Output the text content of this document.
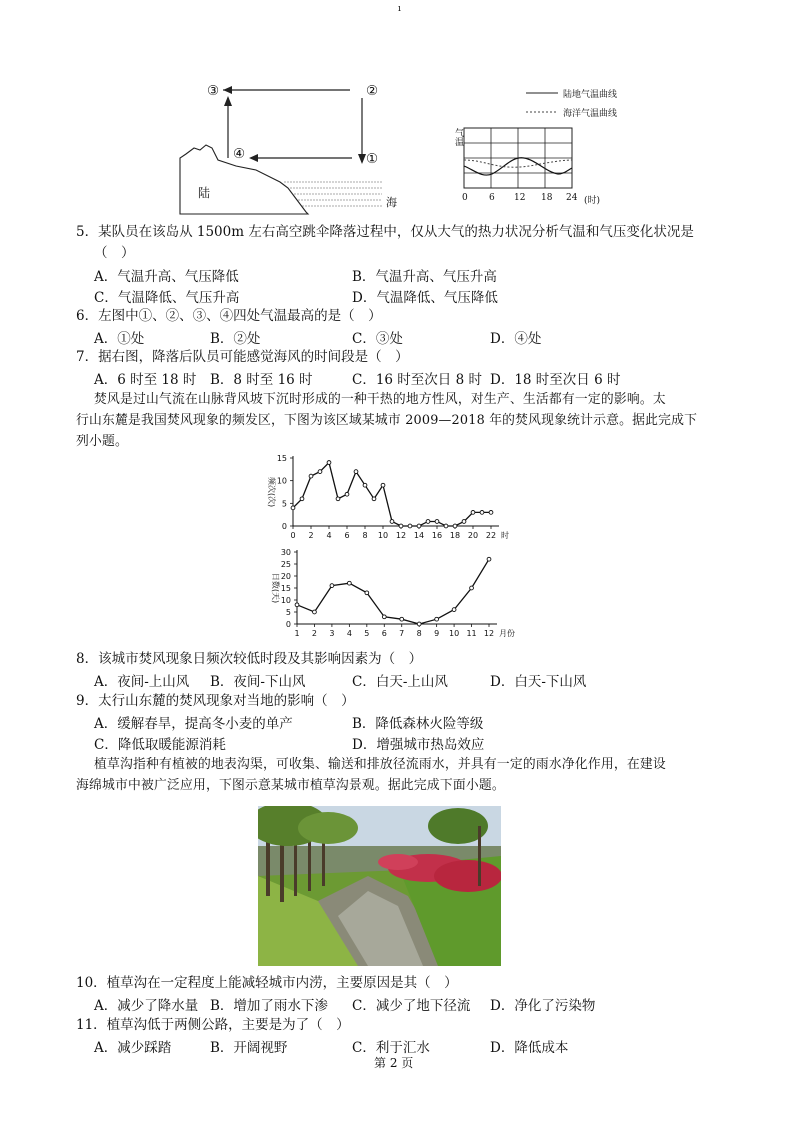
ı
③	②
④	①
陆
海
陆地气温曲线
海洋气温曲线
气温
0 6 12 18 24 (时)
5．某队员在该岛从 1500m 左右高空跳伞降落过程中，仅从大气的热力状况分析气温和气压变化状况是
（　）
A．气温升高、气压降低	B．气温升高、气压升高
C．气温降低、气压升高	D．气温降低、气压降低
6．左图中①、②、③、④四处气温最高的是（　）
A．①处	B．②处	C．③处	D．④处
7．据右图，降落后队员可能感觉海风的时间段是（　）
A．6 时至 18 时 B．8 时至 16 时	C．16 时至次日 8 时 D．18 时至次日 6 时
焚风是过山气流在山脉背风坡下沉时形成的一种干热的地方性风，对生产、生活都有一定的影响。太
行山东麓是我国焚风现象的频发区，下图为该区域某城市 2009—2018 年的焚风现象统计示意。据此完成下
列小题。
0
5
10
15
0 2 4 6 8 10 12 14 16 18 20 22 时
频次(次)
0
5
10
15
20
25
30
1 2 3 4 5 6 7 8 9 10 11 12 月份
日数(天)
8．该城市焚风现象日频次较低时段及其影响因素为（　）
A．夜间-上山风 B．夜间-下山风	C．白天-上山风	D．白天-下山风
9．太行山东麓的焚风现象对当地的影响（　）
A．缓解春旱，提高冬小麦的单产	B．降低森林火险等级
C．降低取暖能源消耗	D．增强城市热岛效应
植草沟指种有植被的地表沟渠，可收集、输送和排放径流雨水，并具有一定的雨水净化作用，在建设
海绵城市中被广泛应用，下图示意某城市植草沟景观。据此完成下面小题。
10．植草沟在一定程度上能减轻城市内涝，主要原因是其（　）
A．减少了降水量 B．增加了雨水下渗 C．减少了地下径流 D．净化了污染物
11．植草沟低于两侧公路，主要是为了（　）
A．减少踩踏	B．开阔视野	C．利于汇水	D．降低成本
第 2 页
